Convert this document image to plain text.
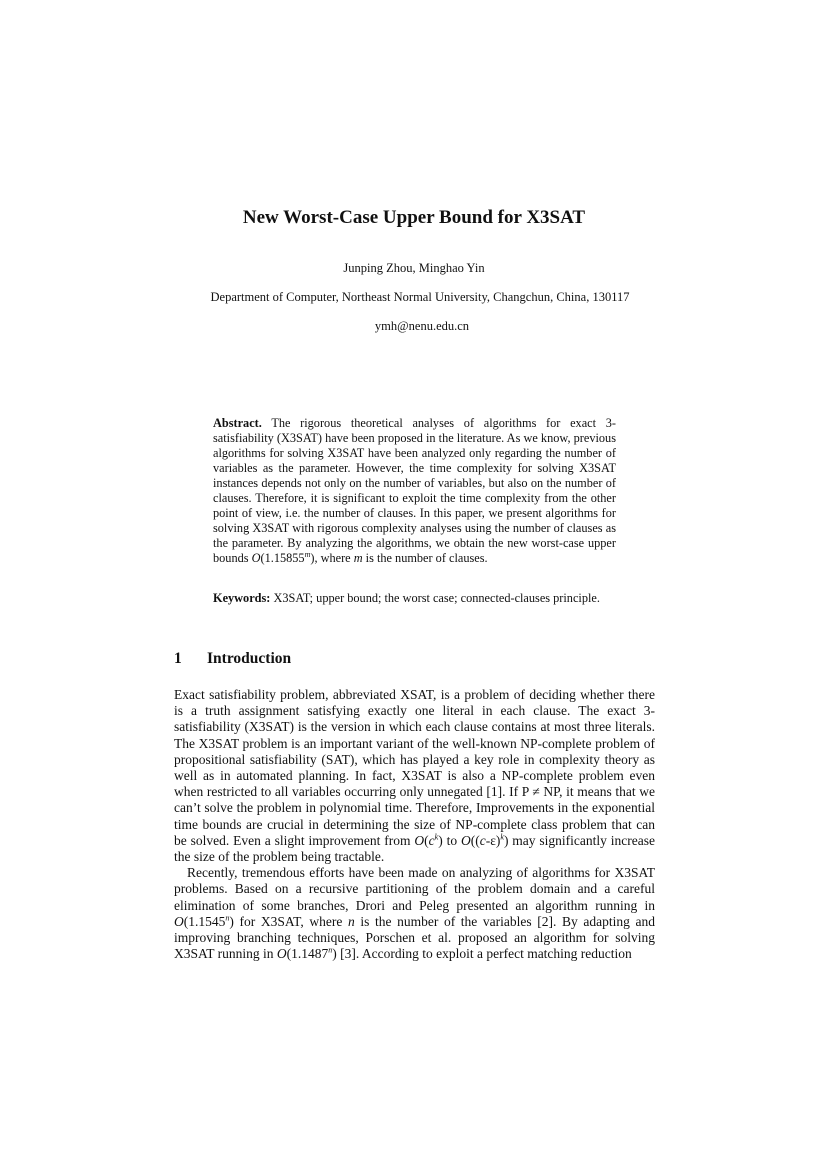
New Worst-Case Upper Bound for X3SAT
Junping Zhou, Minghao Yin
Department of Computer, Northeast Normal University, Changchun, China, 130117
ymh@nenu.edu.cn
Abstract. The rigorous theoretical analyses of algorithms for exact 3-satisfiability (X3SAT) have been proposed in the literature. As we know, previous algorithms for solving X3SAT have been analyzed only regarding the number of variables as the parameter. However, the time complexity for solving X3SAT instances depends not only on the number of variables, but also on the number of clauses. Therefore, it is significant to exploit the time complexity from the other point of view, i.e. the number of clauses. In this paper, we present algorithms for solving X3SAT with rigorous complexity analyses using the number of clauses as the parameter. By analyzing the algorithms, we obtain the new worst-case upper bounds O(1.15855$^m$), where m is the number of clauses.
Keywords: X3SAT; upper bound; the worst case; connected-clauses principle.
1 Introduction

Exact satisfiability problem, abbreviated XSAT, is a problem of deciding whether there is a truth assignment satisfying exactly one literal in each clause. The exact 3-satisfiability (X3SAT) is the version in which each clause contains at most three literals. The X3SAT problem is an important variant of the well-known NP-complete problem of propositional satisfiability (SAT), which has played a key role in complexity theory as well as in automated planning. In fact, X3SAT is also a NP-complete problem even when restricted to all variables occurring only unnegated [1]. If P ≠ NP, it means that we can’t solve the problem in polynomial time. Therefore, Improvements in the exponential time bounds are crucial in determining the size of NP-complete class problem that can be solved. Even a slight improvement from $O(c^k)$ to $O((c-\varepsilon)^k)$ may significantly increase the size of the problem being tractable.

Recently, tremendous efforts have been made on analyzing of algorithms for X3SAT problems. Based on a recursive partitioning of the problem domain and a careful elimination of some branches, Drori and Peleg presented an algorithm running in O(1.1545$^n$) for X3SAT, where n is the number of the variables [2]. By adapting and improving branching techniques, Porschen et al. proposed an algorithm for solving X3SAT running in O(1.1487$^n$) [3]. According to exploit a perfect matching reduction
